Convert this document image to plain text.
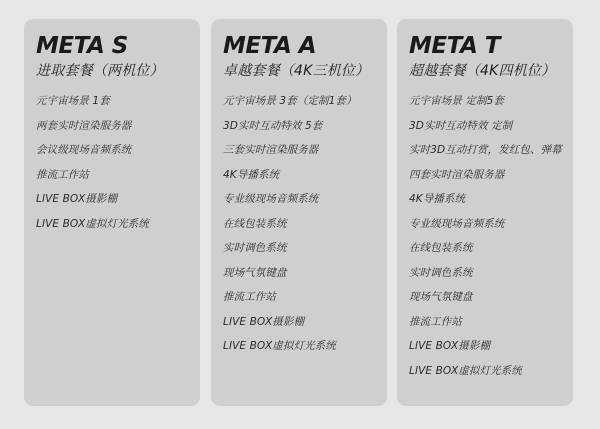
META S
进取套餐（两机位）
元宇宙场景 1套
两套实时渲染服务器
会议级现场音频系统
推流工作站
LIVE BOX摄影棚
LIVE BOX虚拟灯光系统
META A
卓越套餐（4K三机位）
元宇宙场景 3套（定制1套）
3D实时互动特效 5套
三套实时渲染服务器
4K导播系统
专业级现场音频系统
在线包装系统
实时调色系统
现场气氛键盘
推流工作站
LIVE BOX摄影棚
LIVE BOX虚拟灯光系统
META T
超越套餐（4K四机位）
元宇宙场景 定制5套
3D实时互动特效 定制
实时3D互动打赏，发红包、弹幕
四套实时渲染服务器
4K导播系统
专业级现场音频系统
在线包装系统
实时调色系统
现场气氛键盘
推流工作站
LIVE BOX摄影棚
LIVE BOX虚拟灯光系统
